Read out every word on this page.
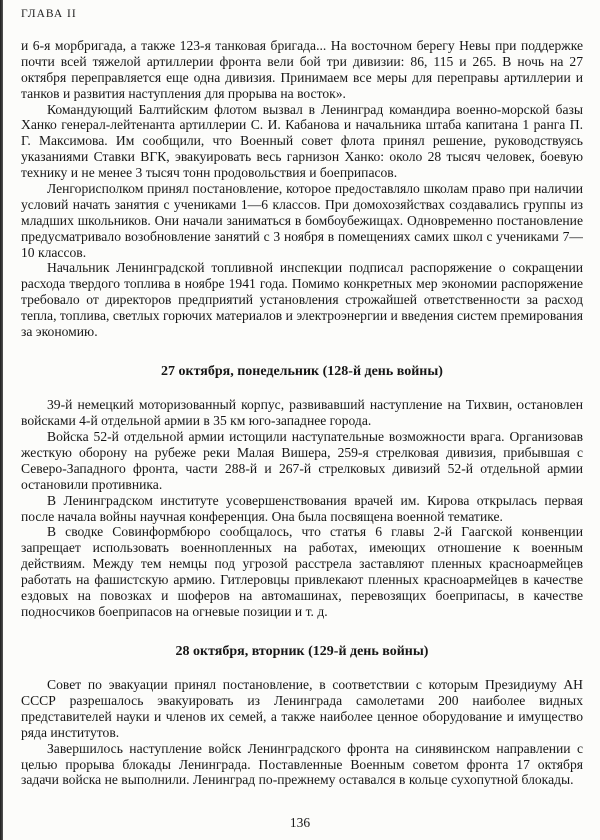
ГЛАВА II

и 6-я морбригада, а также 123-я танковая бригада... На восточном берегу Невы при поддержке почти всей тяжелой артиллерии фронта вели бой три дивизии: 86, 115 и 265. В ночь на 27 октября переправляется еще одна дивизия. Принимаем все меры для переправы артиллерии и танков и развития наступления для прорыва на восток».

Командующий Балтийским флотом вызвал в Ленинград командира военно-морской базы Ханко генерал-лейтенанта артиллерии С. И. Кабанова и начальника штаба капитана 1 ранга П. Г. Максимова. Им сообщили, что Военный совет флота принял решение, руководствуясь указаниями Ставки ВГК, эвакуировать весь гарнизон Ханко: около 28 тысяч человек, боевую технику и не менее 3 тысяч тонн продовольствия и боеприпасов.

Ленгорисполком принял постановление, которое предоставляло школам право при наличии условий начать занятия с учениками 1—6 классов. При домохозяйствах создавались группы из младших школьников. Они начали заниматься в бомбоубежищах. Одновременно постановление предусматривало возобновление занятий с 3 ноября в помещениях самих школ с учениками 7—10 классов.

Начальник Ленинградской топливной инспекции подписал распоряжение о сокращении расхода твердого топлива в ноябре 1941 года. Помимо конкретных мер экономии распоряжение требовало от директоров предприятий установления строжайшей ответственности за расход тепла, топлива, светлых горючих материалов и электроэнергии и введения систем премирования за экономию.

27 октября, понедельник (128-й день войны)

39-й немецкий моторизованный корпус, развивавший наступление на Тихвин, остановлен войсками 4-й отдельной армии в 35 км юго-западнее города.

Войска 52-й отдельной армии истощили наступательные возможности врага. Организовав жесткую оборону на рубеже реки Малая Вишера, 259-я стрелковая дивизия, прибывшая с Северо-Западного фронта, части 288-й и 267-й стрелковых дивизий 52-й отдельной армии остановили противника.

В Ленинградском институте усовершенствования врачей им. Кирова открылась первая после начала войны научная конференция. Она была посвящена военной тематике.

В сводке Совинформбюро сообщалось, что статья 6 главы 2-й Гаагской конвенции запрещает использовать военнопленных на работах, имеющих отношение к военным действиям. Между тем немцы под угрозой расстрела заставляют пленных красноармейцев работать на фашистскую армию. Гитлеровцы привлекают пленных красноармейцев в качестве ездовых на повозках и шоферов на автомашинах, перевозящих боеприпасы, в качестве подносчиков боеприпасов на огневые позиции и т. д.

28 октября, вторник (129-й день войны)

Совет по эвакуации принял постановление, в соответствии с которым Президиуму АН СССР разрешалось эвакуировать из Ленинграда самолетами 200 наиболее видных представителей науки и членов их семей, а также наиболее ценное оборудование и имущество ряда институтов.

Завершилось наступление войск Ленинградского фронта на синявинском направлении с целью прорыва блокады Ленинграда. Поставленные Военным советом фронта 17 октября задачи войска не выполнили. Ленинград по-прежнему оставался в кольце сухопутной блокады.

136
